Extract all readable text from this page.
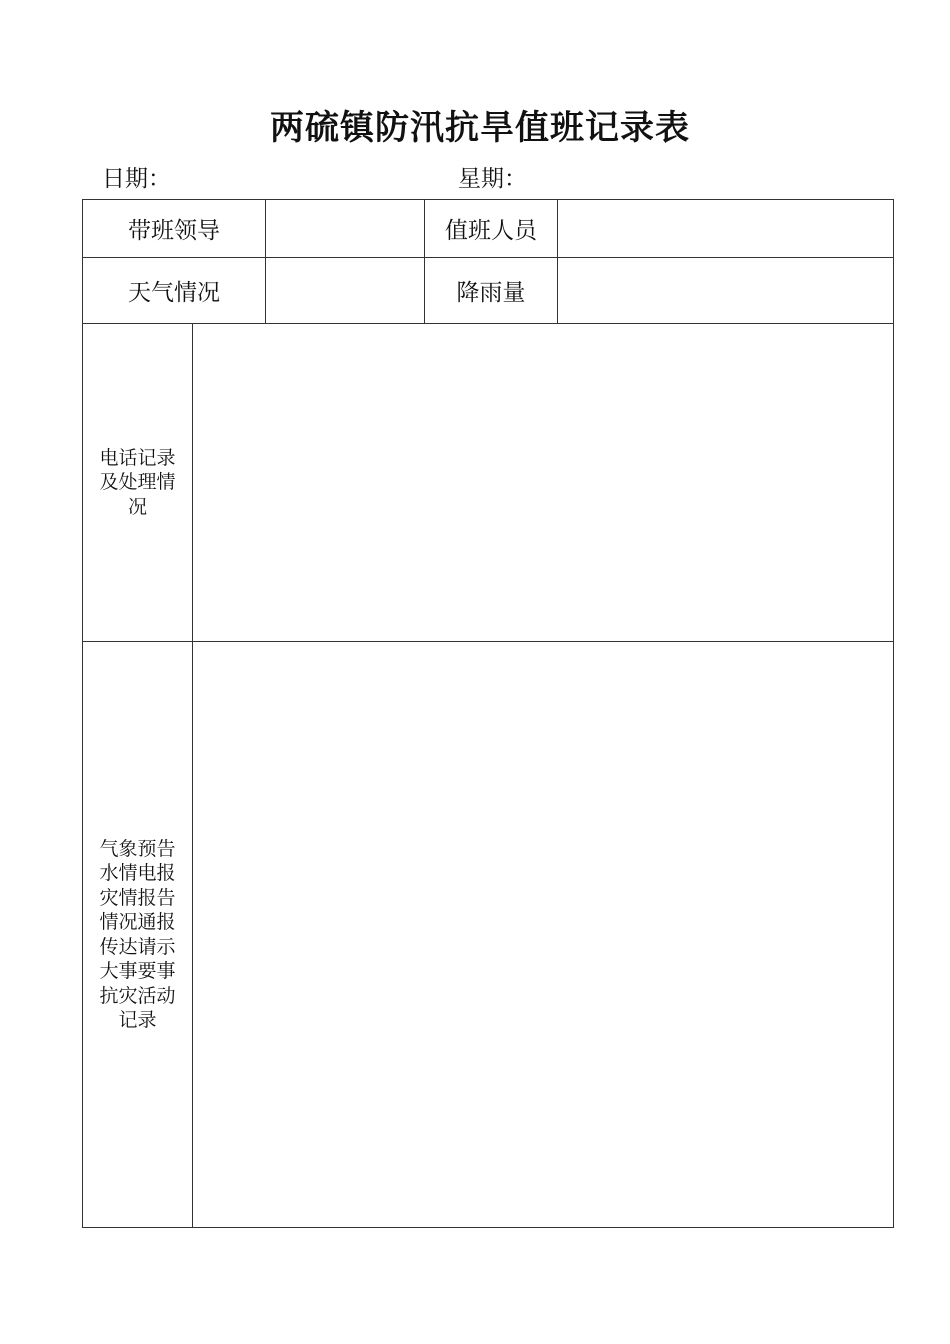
两硫镇防汛抗旱值班记录表
日期：	星期：
带班领导	值班人员
天气情况	降雨量
电话记录及处理情况
气象预告水情电报灾情报告情况通报传达请示大事要事抗灾活动记录
